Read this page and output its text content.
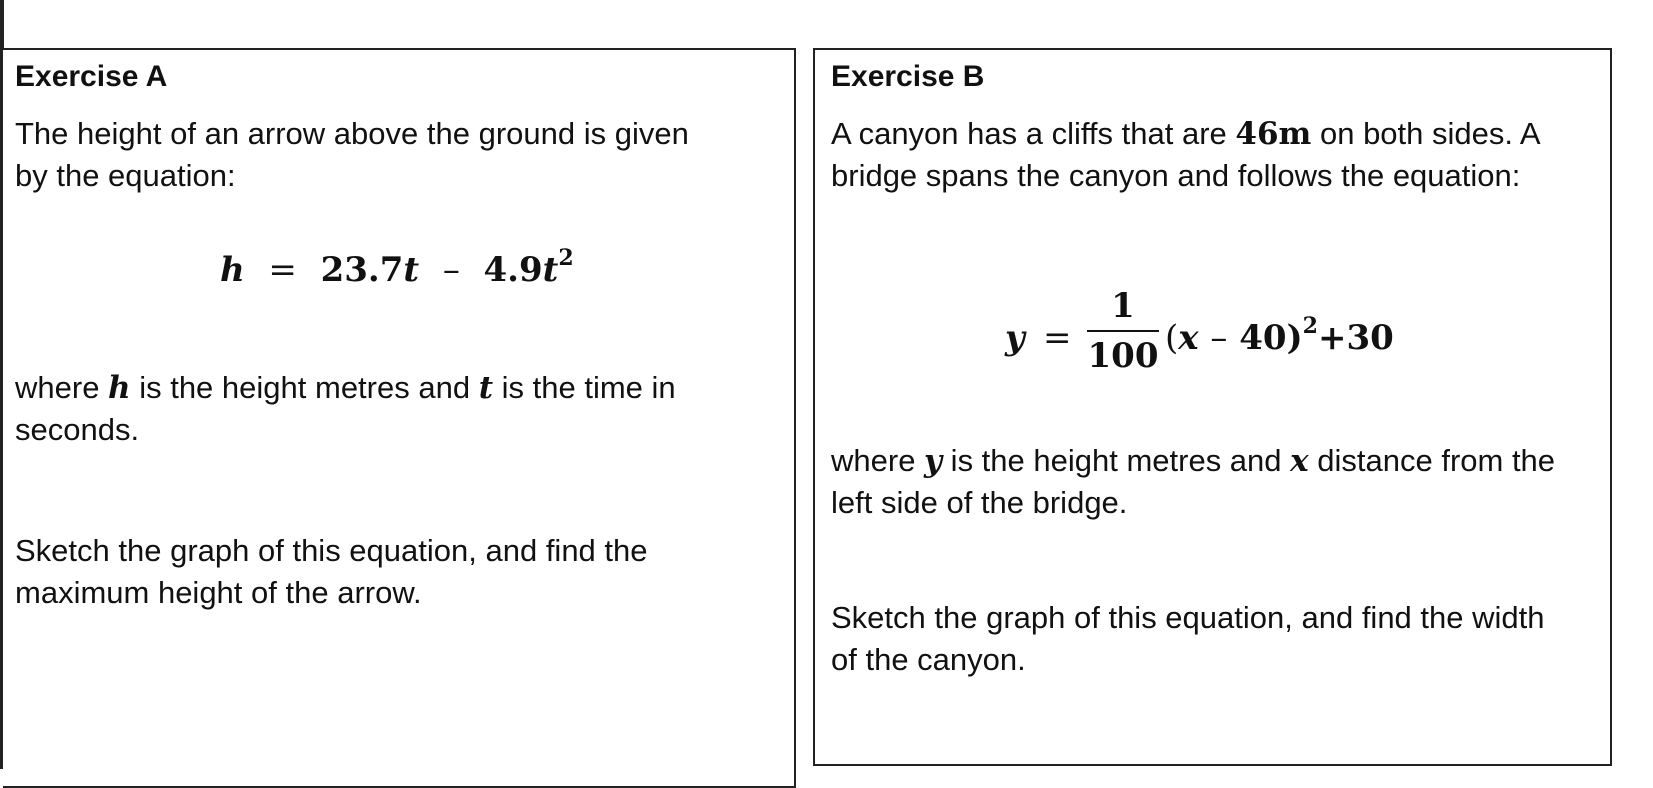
Exercise A
The height of an arrow above the ground is given by the equation:
$h = 23.7t - 4.9t^2$
where h is the height metres and t is the time in seconds.
Sketch the graph of this equation, and find the maximum height of the arrow.
Exercise B
A canyon has a cliffs that are 46m on both sides. A bridge spans the canyon and follows the equation:
y =
1
100 (x – 40)$^2$+30
where y is the height metres and x distance from the left side of the bridge.
Sketch the graph of this equation, and find the width of the canyon.
